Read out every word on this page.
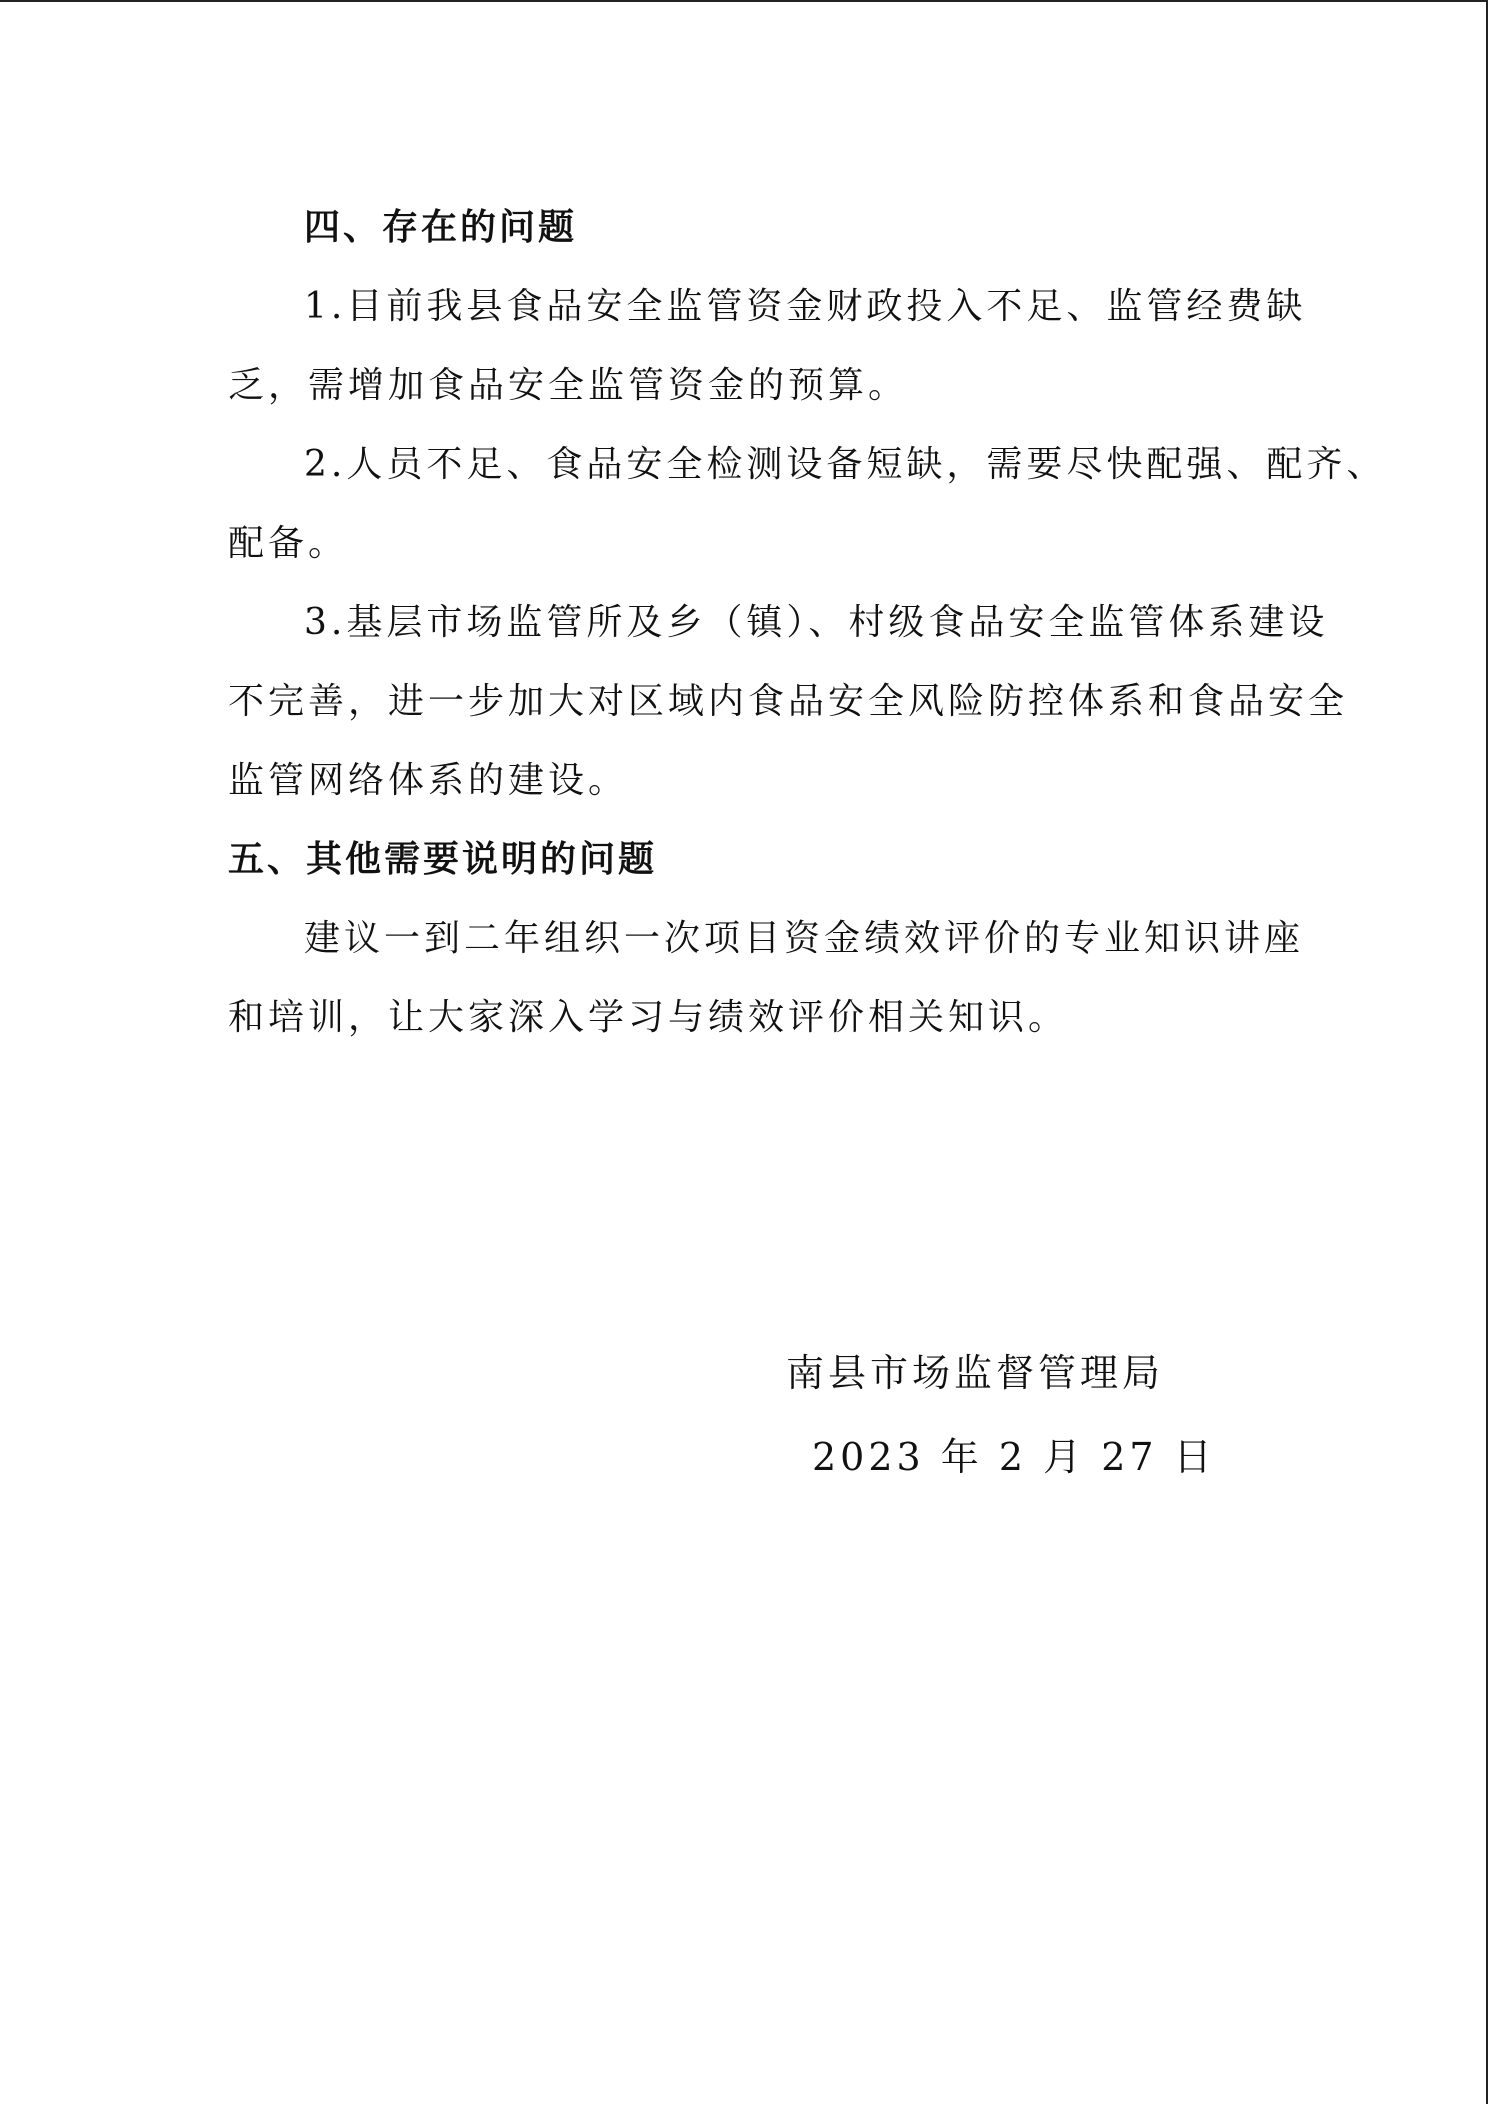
四、存在的问题
1.目前我县食品安全监管资金财政投入不足、监管经费缺
乏，需增加食品安全监管资金的预算。
2.人员不足、食品安全检测设备短缺，需要尽快配强、配齐、
配备。
3.基层市场监管所及乡（镇）、村级食品安全监管体系建设
不完善，进一步加大对区域内食品安全风险防控体系和食品安全
监管网络体系的建设。
五、其他需要说明的问题
建议一到二年组织一次项目资金绩效评价的专业知识讲座
和培训，让大家深入学习与绩效评价相关知识。
南县市场监督管理局
2023 年 2 月 27 日
